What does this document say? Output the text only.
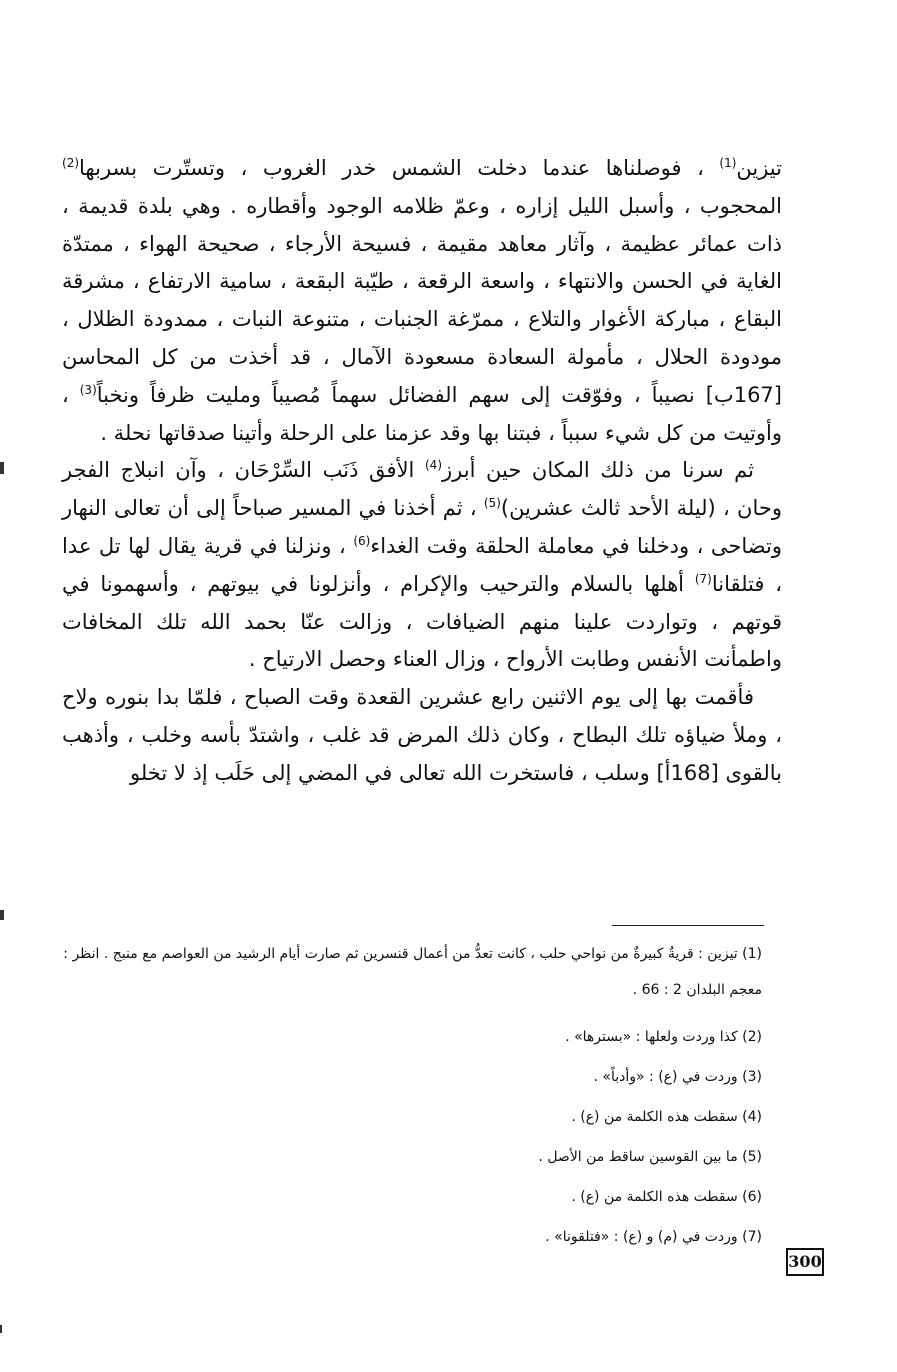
تيزين$^{(1)}$ ، فوصلناها عندما دخلت الشمس خدر الغروب ، وتستّرت بسربها$^{(2)}$ المحجوب ، وأسبل الليل إزاره ، وعمّ ظلامه الوجود وأقطاره . وهي بلدة قديمة ، ذات عمائر عظيمة ، وآثار معاهد مقيمة ، فسيحة الأرجاء ، صحيحة الهواء ، ممتدّة الغاية في الحسن والانتهاء ، واسعة الرقعة ، طيّبة البقعة ، سامية الارتفاع ، مشرقة البقاع ، مباركة الأغوار والتلاع ، ممرّغة الجنبات ، متنوعة النبات ، ممدودة الظلال ، مودودة الحلال ، مأمولة السعادة مسعودة الآمال ، قد أخذت من كل المحاسن [167ب] نصيباً ، وفوّقت إلى سهم الفضائل سهماً مُصيباً ومليت ظرفاً ونخباً$^{(3)}$ ، وأوتيت من كل شيء سبباً ، فبتنا بها وقد عزمنا على الرحلة وأتينا صدقاتها نحلة .

ثم سرنا من ذلك المكان حين أبرز$^{(4)}$ الأفق ذَنَب السِّرْحَان ، وآن انبلاج الفجر وحان ، (ليلة الأحد ثالث عشرين)$^{(5)}$ ، ثم أخذنا في المسير صباحاً إلى أن تعالى النهار وتضاحى ، ودخلنا في معاملة الحلقة وقت الغداء$^{(6)}$ ، ونزلنا في قرية يقال لها تل عدا ، فتلقانا$^{(7)}$ أهلها بالسلام والترحيب والإكرام ، وأنزلونا في بيوتهم ، وأسهمونا في قوتهم ، وتواردت علينا منهم الضيافات ، وزالت عنّا بحمد الله تلك المخافات واطمأنت الأنفس وطابت الأرواح ، وزال العناء وحصل الارتياح .

فأقمت بها إلى يوم الاثنين رابع عشرين القعدة وقت الصباح ، فلمّا بدا بنوره ولاح ، وملأ ضياؤه تلك البطاح ، وكان ذلك المرض قد غلب ، واشتدّ بأسه وخلب ، وأذهب بالقوى [168أ] وسلب ، فاستخرت الله تعالى في المضي إلى حَلَب إذ لا تخلو

(1) تيزين : قريةٌ كبيرةٌ من نواحي حلب ، كانت تعدُّ من أعمال قنسرين ثم صارت أيام الرشيد من العواصم مع منبج . انظر : معجم البلدان 2 : 66 .

(2) كذا وردت ولعلها : «بسترها» .

(3) وردت في (ع) : «وأدباً» .

(4) سقطت هذه الكلمة من (ع) .

(5) ما بين القوسين ساقط من الأصل .

(6) سقطت هذه الكلمة من (ع) .

(7) وردت في (م) و (ع) : «فتلقونا» .

300
